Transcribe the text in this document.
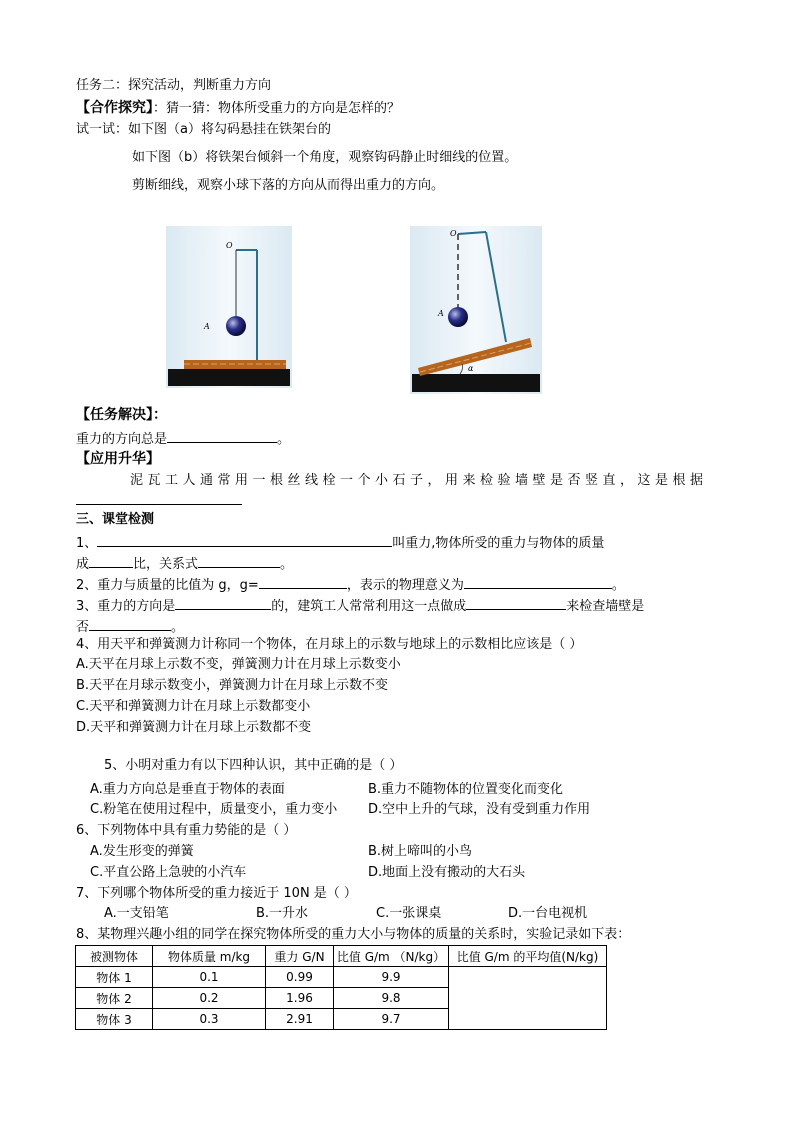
任务二：探究活动，判断重力方向
【合作探究】：猜一猜：物体所受重力的方向是怎样的？
试一试：如下图（a）将勾码悬挂在铁架台的
如下图（b）将铁架台倾斜一个角度，观察钩码静止时细线的位置。
剪断细线，观察小球下落的方向从而得出重力的方向。
O
A
O
A
α
【任务解决】：
重力的方向总是	。
【应用升华】
泥瓦工人通常用一根丝线栓一个小石子，用来检验墙壁是否竖直，这是根据
三、课堂检测
1、	叫重力,物体所受的重力与物体的质量
成	比，关系式	。
2、重力与质量的比值为 g，g=	，表示的物理意义为	。
3、重力的方向是	的，建筑工人常常利用这一点做成	来检查墙壁是
否	。
4、用天平和弹簧测力计称同一个物体，在月球上的示数与地球上的示数相比应该是（ ）
A.天平在月球上示数不变，弹簧测力计在月球上示数变小
B.天平在月球示数变小，弹簧测力计在月球上示数不变
C.天平和弹簧测力计在月球上示数都变小
D.天平和弹簧测力计在月球上示数都不变
5、小明对重力有以下四种认识，其中正确的是（ ）
A.重力方向总是垂直于物体的表面	B.重力不随物体的位置变化而变化
C.粉笔在使用过程中，质量变小，重力变小 D.空中上升的气球，没有受到重力作用
6、下列物体中具有重力势能的是（ ）
A.发生形变的弹簧	B.树上啼叫的小鸟
C.平直公路上急驶的小汽车	D.地面上没有搬动的大石头
7、下列哪个物体所受的重力接近于 10N 是（ ）
A.一支铅笔	B.一升水	C.一张课桌	D.一台电视机
8、某物理兴趣小组的同学在探究物体所受的重力大小与物体的质量的关系时，实验记录如下表：
被测物体	物体质量 m/kg	重力 G/N	比值 G/m （N/kg）	比值 G/m 的平均值(N/kg)
物体 1	0.1	0.99	9.9	
物体 2	0.2	1.96	9.8	
物体 3	0.3	2.91	9.7	
